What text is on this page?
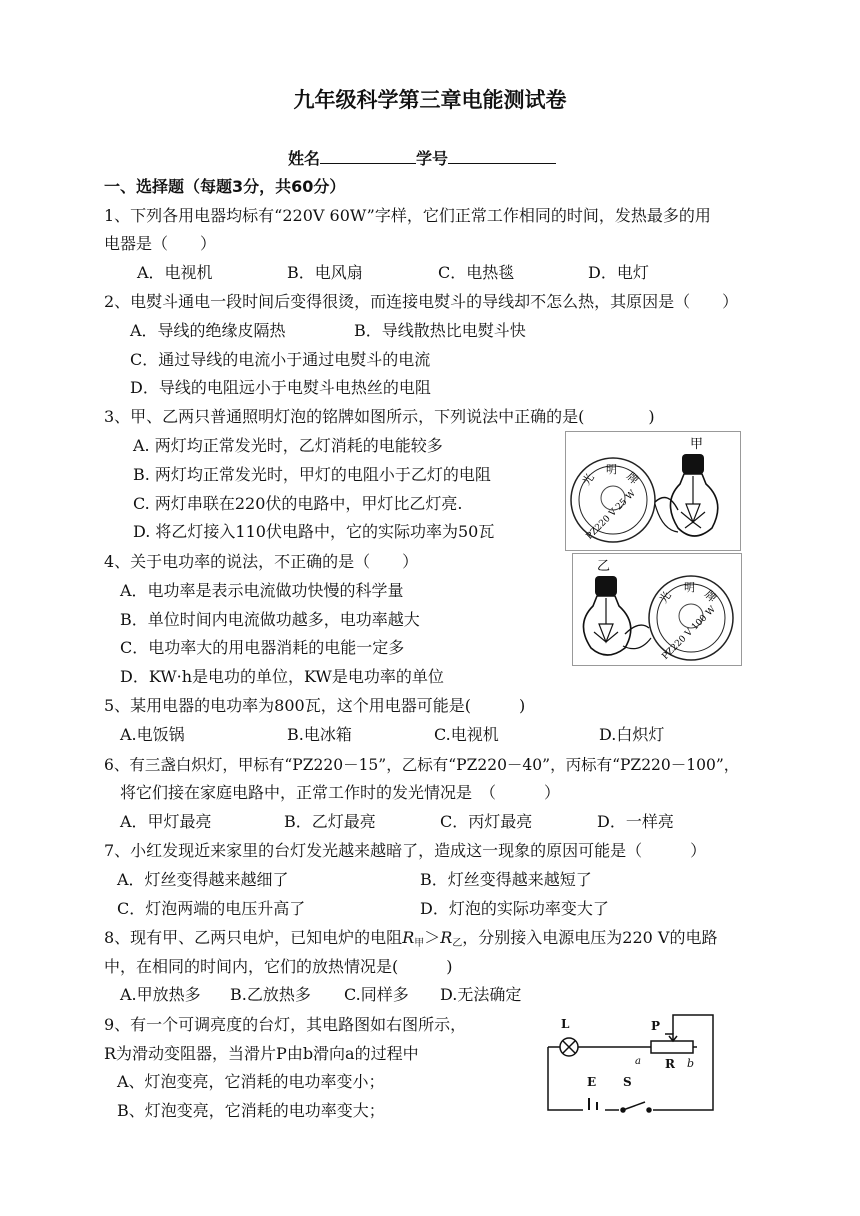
九年级科学第三章电能测试卷
姓名	学号
一、选择题（每题3分，共60分）
1、下列各用电器均标有“220V 60W”字样，它们正常工作相同的时间，发热最多的用
电器是（　　）
A．电视机	B．电风扇	C．电热毯	D．电灯
2、电熨斗通电一段时间后变得很烫，而连接电熨斗的导线却不怎么热，其原因是（　　）
A．导线的绝缘皮隔热	B．导线散热比电熨斗快
C．通过导线的电流小于通过电熨斗的电流
D．导线的电阻远小于电熨斗电热丝的电阻
3、甲、乙两只普通照明灯泡的铭牌如图所示，下列说法中正确的是(　　　　)
A. 两灯均正常发光时，乙灯消耗的电能较多
B. 两灯均正常发光时，甲灯的电阻小于乙灯的电阻
C. 两灯串联在220伏的电路中，甲灯比乙灯亮.
D. 将乙灯接入110伏电路中，它的实际功率为50瓦
光
明
牌
PZ220 V 25 W
甲
4、关于电功率的说法，不正确的是（　　）
A．电功率是表示电流做功快慢的科学量
B．单位时间内电流做功越多，电功率越大
C．电功率大的用电器消耗的电能一定多
D．KW·h是电功的单位，KW是电功率的单位
乙
光
明
牌
PZ220 V 100 W
5、某用电器的电功率为800瓦，这个用电器可能是(　　　)
A.电饭锅	B.电冰箱	C.电视机	D.白炽灯
6、有三盏白炽灯，甲标有“PZ220－15”，乙标有“PZ220－40”，丙标有“PZ220－100”，
将它们接在家庭电路中，正常工作时的发光情况是　（　　　）
A．甲灯最亮	B．乙灯最亮	C．丙灯最亮	D．一样亮
7、小红发现近来家里的台灯发光越来越暗了，造成这一现象的原因可能是（　　　）
A．灯丝变得越来越细了	B．灯丝变得越来越短了
C．灯泡两端的电压升高了	D．灯泡的实际功率变大了
8、现有甲、乙两只电炉，已知电炉的电阻$R_甲>R_乙$，分别接入电源电压为220 V的电路
中，在相同的时间内，它们的放热情况是(　　　)
A.甲放热多 B.乙放热多 C.同样多 D.无法确定
9、有一个可调亮度的台灯，其电路图如右图所示，
R为滑动变阻器，当滑片P由b滑向a的过程中
A、灯泡变亮，它消耗的电功率变小；
B、灯泡变亮，它消耗的电功率变大；
L	P
a R b
E S
